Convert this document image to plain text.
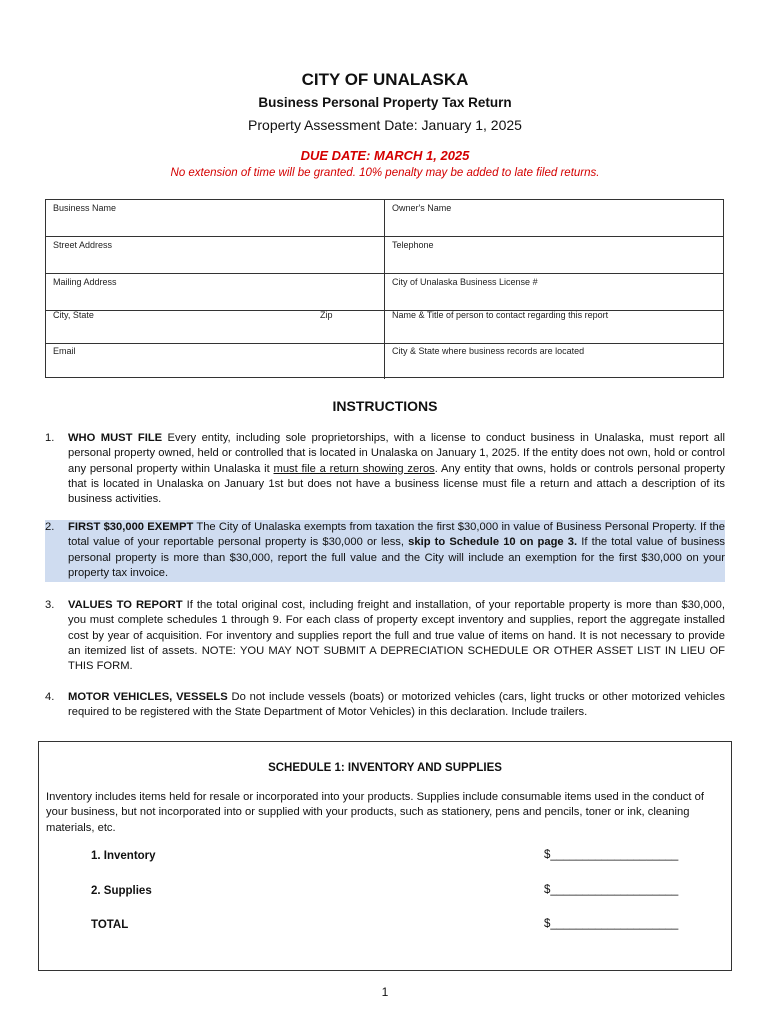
CITY OF UNALASKA
Business Personal Property Tax Return
Property Assessment Date: January 1, 2025
DUE DATE: MARCH 1, 2025
No extension of time will be granted. 10% penalty may be added to late filed returns.
Business Name	Owner's Name
Street Address	Telephone
Mailing Address	City of Unalaska Business License #
City, State	Zip	Name & Title of person to contact regarding this report
Email	City & State where business records are located
INSTRUCTIONS
1.	WHO MUST FILE Every entity, including sole proprietorships, with a license to conduct business in Unalaska, must report all personal property owned, held or controlled that is located in Unalaska on January 1, 2025. If the entity does not own, hold or control any personal property within Unalaska it must file a return showing zeros. Any entity that owns, holds or controls personal property that is located in Unalaska on January 1st but does not have a business license must file a return and attach a description of its business activities.
2.	FIRST $30,000 EXEMPT The City of Unalaska exempts from taxation the first $30,000 in value of Business Personal Property. If the total value of your reportable personal property is $30,000 or less, skip to Schedule 10 on page 3. If the total value of business personal property is more than $30,000, report the full value and the City will include an exemption for the first $30,000 on your property tax invoice.
3.	VALUES TO REPORT If the total original cost, including freight and installation, of your reportable property is more than $30,000, you must complete schedules 1 through 9. For each class of property except inventory and supplies, report the aggregate installed cost by year of acquisition. For inventory and supplies report the full and true value of items on hand. It is not necessary to provide an itemized list of assets. NOTE: YOU MAY NOT SUBMIT A DEPRECIATION SCHEDULE OR OTHER ASSET LIST IN LIEU OF THIS FORM.
4.	MOTOR VEHICLES, VESSELS Do not include vessels (boats) or motorized vehicles (cars, light trucks or other motorized vehicles required to be registered with the State Department of Motor Vehicles) in this declaration. Include trailers.
SCHEDULE 1: INVENTORY AND SUPPLIES
Inventory includes items held for resale or incorporated into your products. Supplies include consumable items used in the conduct of your business, but not incorporated into or supplied with your products, such as stationery, pens and pencils, toner or ink, cleaning materials, etc.
1. Inventory	$____________________
2. Supplies	$____________________
TOTAL	$____________________
1
